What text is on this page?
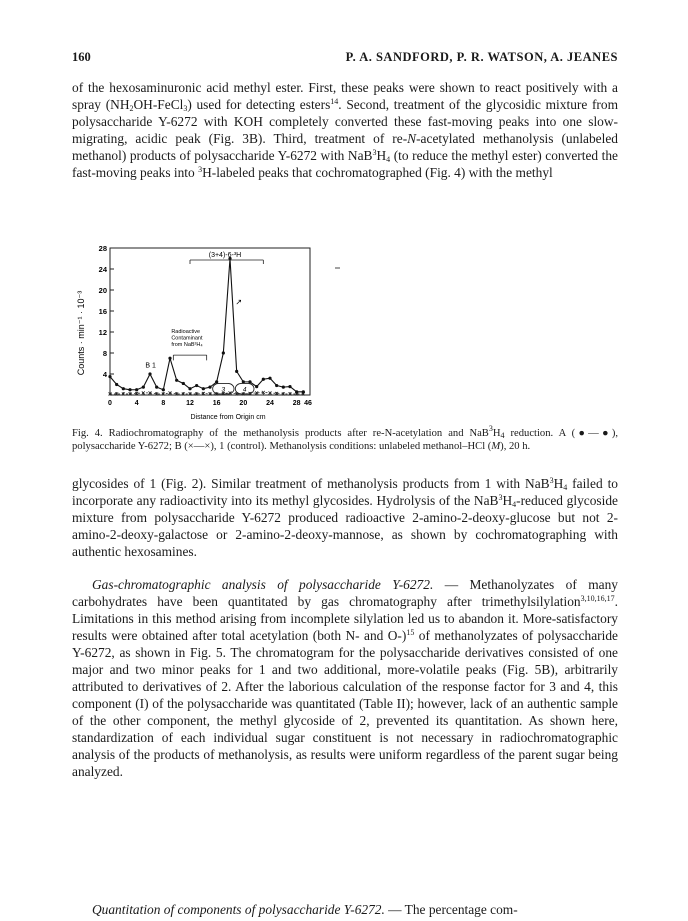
160	P. A. SANDFORD, P. R. WATSON, A. JEANES

of the hexosaminuronic acid methyl ester. First, these peaks were shown to react positively with a spray $(NH_2OH-FeCl_3)$ used for detecting esters$^{14}$. Second, treatment of the glycosidic mixture from polysaccharide Y-6272 with KOH completely converted these fast-moving peaks into one slow-migrating, acidic peak (Fig. 3B). Third, treatment of re-N-acetylated methanolysis (unlabeled methanol) products of polysaccharide Y-6272 with $NaB^3H_4$ (to reduce the methyl ester) converted the fast-moving peaks into $^3$H-labeled peaks that cochromatographed (Fig. 4) with the methyl

28
24
20
16
12
8
4
0	4	8	12	16	20	24	28 46
(3+4)-6-³H
↗
Radioactive
Contaminant
from NaB³H₄
B 1
3	4
Counts · min⁻¹ · 10⁻³
Distance from Origin cm

Fig. 4. Radiochromatography of the methanolysis products after re-N-acetylation and $NaB^3H_4$ reduction. A (●—●), polysaccharide Y-6272; B (×—×), 1 (control). Methanolysis conditions: unlabeled methanol–HCl (M), 20 h.

glycosides of 1 (Fig. 2). Similar treatment of methanolysis products from 1 with $NaB^3H_4$ failed to incorporate any radioactivity into its methyl glycosides. Hydrolysis of the $NaB^3H_4$-reduced glycoside mixture from polysaccharide Y-6272 produced radioactive 2-amino-2-deoxy-glucose but not 2-amino-2-deoxy-galactose or 2-amino-2-deoxy-mannose, as shown by cochromatographing with authentic hexosamines.

Gas-chromatographic analysis of polysaccharide Y-6272. — Methanolyzates of many carbohydrates have been quantitated by gas chromatography after trimethylsilylation$^{3,10,16,17}$. Limitations in this method arising from incomplete silylation led us to abandon it. More-satisfactory results were obtained after total acetylation (both N- and O-)$^{15}$ of methanolyzates of polysaccharide Y-6272, as shown in Fig. 5. The chromatogram for the polysaccharide derivatives consisted of one major and two minor peaks for 1 and two additional, more-volatile peaks (Fig. 5B), arbitrarily attributed to derivatives of 2. After the laborious calculation of the response factor for 3 and 4, this component (I) of the polysaccharide was quantitated (Table II); however, lack of an authentic sample of the other component, the methyl glycoside of 2, prevented its quantitation. As shown here, standardization of each individual sugar constituent is not necessary in radiochromatographic analysis of the products of methanolysis, as results were uniform regardless of the parent sugar being analyzed.

Quantitation of components of polysaccharide Y-6272. — The percentage com-
